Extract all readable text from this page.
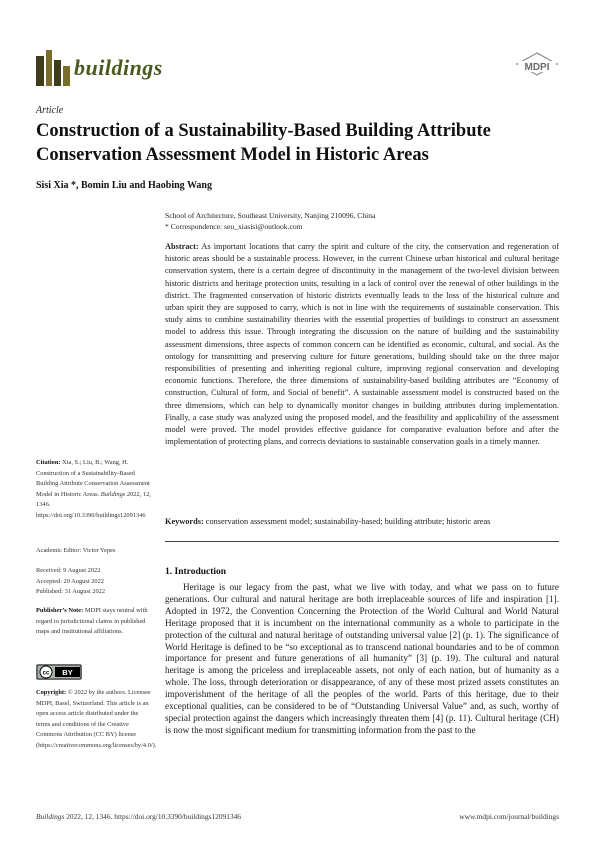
buildings	MDPI
Article
Construction of a Sustainability-Based Building Attribute Conservation Assessment Model in Historic Areas
Sisi Xia *, Bomin Liu and Haobing Wang
School of Architecture, Southeast University, Nanjing 210096, China
* Correspondence: seu_xiasisi@outlook.com
Abstract: As important locations that carry the spirit and culture of the city, the conservation and regeneration of historic areas should be a sustainable process. However, in the current Chinese urban historical and cultural heritage conservation system, there is a certain degree of discontinuity in the management of the two-level division between historic districts and heritage protection units, resulting in a lack of control over the renewal of other buildings in the district. The fragmented conservation of historic districts eventually leads to the loss of the historical culture and urban spirit they are supposed to carry, which is not in line with the requirements of sustainable conservation. This study aims to combine sustainability theories with the essential properties of buildings to construct an assessment model to address this issue. Through integrating the discussion on the nature of building and the sustainability assessment dimensions, three aspects of common concern can be identified as economic, cultural, and social. As the ontology for transmitting and preserving culture for future generations, building should take on the three major responsibilities of presenting and inheriting regional culture, improving regional conservation and developing economic functions. Therefore, the three dimensions of sustainability-based building attributes are “Economy of construction, Cultural of form, and Social of benefit”. A sustainable assessment model is constructed based on the three dimensions, which can help to dynamically monitor changes in building attributes during implementation. Finally, a case study was analyzed using the proposed model, and the feasibility and applicability of the assessment model were proved. The model provides effective guidance for comparative evaluation before and after the implementation of protecting plans, and corrects deviations to sustainable conservation goals in a timely manner.
Keywords: conservation assessment model; sustainability-based; building attribute; historic areas
1. Introduction
Heritage is our legacy from the past, what we live with today, and what we pass on to future generations. Our cultural and natural heritage are both irreplaceable sources of life and inspiration [1]. Adopted in 1972, the Convention Concerning the Protection of the World Cultural and World Natural Heritage proposed that it is incumbent on the international community as a whole to participate in the protection of the cultural and natural heritage of outstanding universal value [2] (p. 1). The significance of World Heritage is defined to be “so exceptional as to transcend national boundaries and to be of common importance for present and future generations of all humanity” [3] (p. 19). The cultural and natural heritage is among the priceless and irreplaceable assets, not only of each nation, but of humanity as a whole. The loss, through deterioration or disappearance, of any of these most prized assets constitutes an impoverishment of the heritage of all the peoples of the world. Parts of this heritage, due to their exceptional qualities, can be considered to be of “Outstanding Universal Value” and, as such, worthy of special protection against the dangers which increasingly threaten them [4] (p. 11). Cultural heritage (CH) is now the most significant medium for transmitting information from the past to the
Citation: Xia, S.; Liu, B.; Wang, H. Construction of a Sustainability-Based Building Attribute Conservation Assessment Model in Historic Areas. Buildings 2022, 12, 1346. https://doi.org/10.3390/buildings12091346
Academic Editor: Victor Yepes
Received: 9 August 2022
Accepted: 29 August 2022
Published: 31 August 2022
Publisher’s Note: MDPI stays neutral with regard to jurisdictional claims in published maps and institutional affiliations.
cc BY
Copyright: © 2022 by the authors. Licensee MDPI, Basel, Switzerland. This article is an open access article distributed under the terms and conditions of the Creative Commons Attribution (CC BY) license (https://creativecommons.org/licenses/by/4.0/).
Buildings 2022, 12, 1346. https://doi.org/10.3390/buildings12091346	www.mdpi.com/journal/buildings
